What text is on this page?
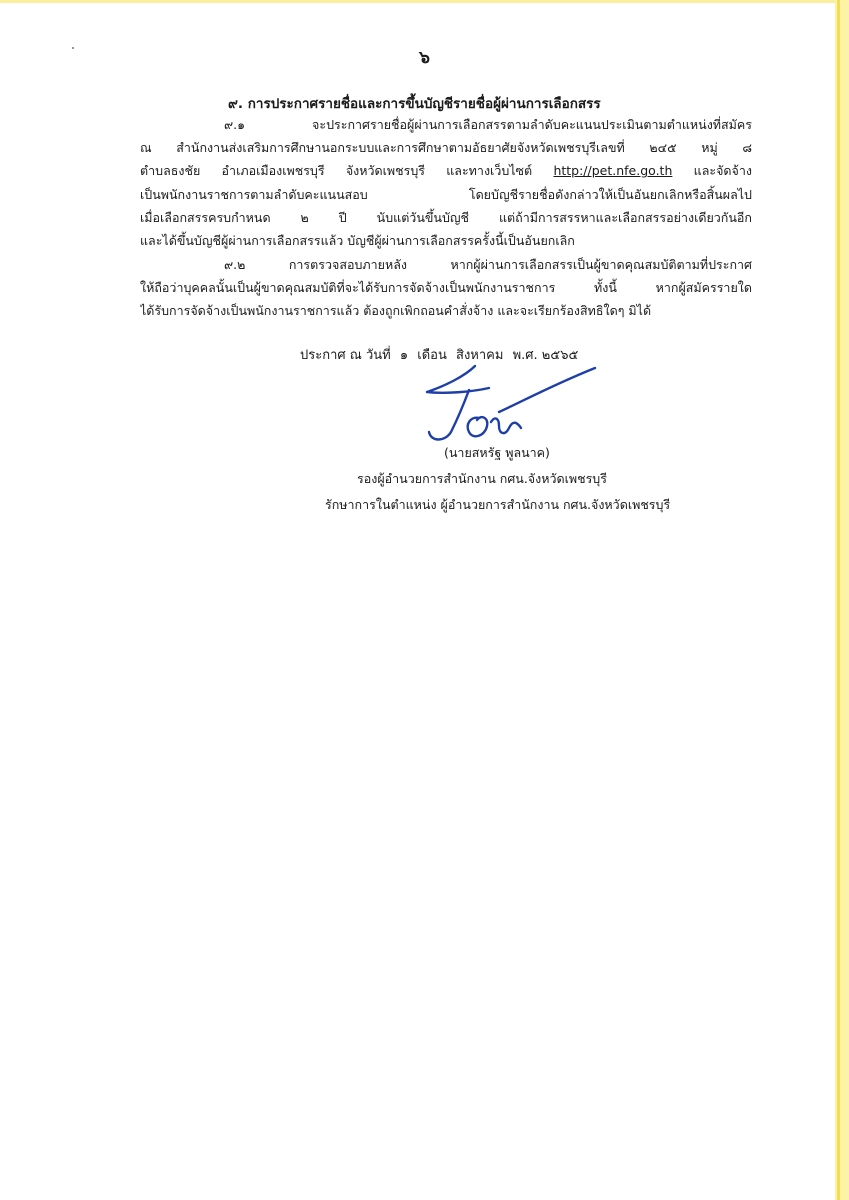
๖
๙. การประกาศรายชื่อและการขึ้นบัญชีรายชื่อผู้ผ่านการเลือกสรร
๙.๑ จะประกาศรายชื่อผู้ผ่านการเลือกสรรตามลำดับคะแนนประเมินตามตำแหน่งที่สมัคร
ณ สำนักงานส่งเสริมการศึกษานอกระบบและการศึกษาตามอัธยาศัยจังหวัดเพชรบุรีเลขที่ ๒๔๕ หมู่ ๘
ตำบลธงชัย อำเภอเมืองเพชรบุรี จังหวัดเพชรบุรี และทางเว็บไซต์ http://pet.nfe.go.th และจัดจ้าง
เป็นพนักงานราชการตามลำดับคะแนนสอบ โดยบัญชีรายชื่อดังกล่าวให้เป็นอันยกเลิกหรือสิ้นผลไป
เมื่อเลือกสรรครบกำหนด ๒ ปี นับแต่วันขึ้นบัญชี แต่ถ้ามีการสรรหาและเลือกสรรอย่างเดียวกันอีก
และได้ขึ้นบัญชีผู้ผ่านการเลือกสรรแล้ว บัญชีผู้ผ่านการเลือกสรรครั้งนี้เป็นอันยกเลิก
๙.๒ การตรวจสอบภายหลัง หากผู้ผ่านการเลือกสรรเป็นผู้ขาดคุณสมบัติตามที่ประกาศ
ให้ถือว่าบุคคลนั้นเป็นผู้ขาดคุณสมบัติที่จะได้รับการจัดจ้างเป็นพนักงานราชการ ทั้งนี้ หากผู้สมัครรายใด
ได้รับการจัดจ้างเป็นพนักงานราชการแล้ว ต้องถูกเพิกถอนคำสั่งจ้าง และจะเรียกร้องสิทธิใดๆ มิได้
ประกาศ ณ วันที่ ๑ เดือน สิงหาคม พ.ศ. ๒๕๖๕
(นายสหรัฐ พูลนาค)
รองผู้อำนวยการสำนักงาน กศน.จังหวัดเพชรบุรี
รักษาการในตำแหน่ง ผู้อำนวยการสำนักงาน กศน.จังหวัดเพชรบุรี
